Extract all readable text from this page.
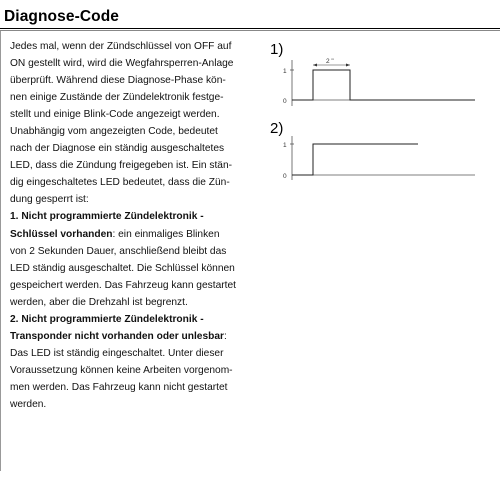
Diagnose-Code
Jedes mal, wenn der Zündschlüssel von OFF auf
ON gestellt wird, wird die Wegfahrsperren-Anlage
überprüft. Während diese Diagnose-Phase kön-
nen einige Zustände der Zündelektronik festge-
stellt und einige Blink-Code angezeigt werden.
Unabhängig vom angezeigten Code, bedeutet
nach der Diagnose ein ständig ausgeschaltetes
LED, dass die Zündung freigegeben ist. Ein stän-
dig eingeschaltetes LED bedeutet, dass die Zün-
dung gesperrt ist:
1. Nicht programmierte Zündelektronik -
Schlüssel vorhanden: ein einmaliges Blinken
von 2 Sekunden Dauer, anschließend bleibt das
LED ständig ausgeschaltet. Die Schlüssel können
gespeichert werden. Das Fahrzeug kann gestartet
werden, aber die Drehzahl ist begrenzt.
2. Nicht programmierte Zündelektronik -
Transponder nicht vorhanden oder unlesbar:
Das LED ist ständig eingeschaltet. Unter dieser
Voraussetzung können keine Arbeiten vorgenom-
men werden. Das Fahrzeug kann nicht gestartet
werden.
1)
1
0
2 "
2)
1
0
